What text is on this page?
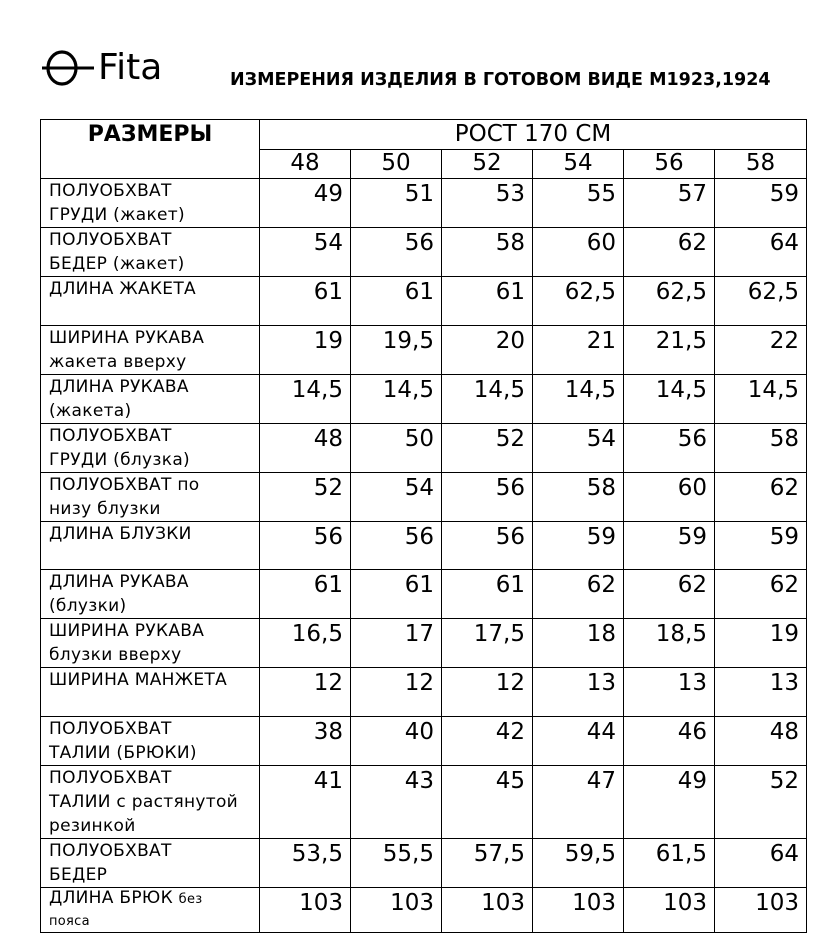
Fita	ИЗМЕРЕНИЯ ИЗДЕЛИЯ В ГОТОВОМ ВИДЕ М1923,1924
РАЗМЕРЫ	РОСТ 170 СМ					
	48	50	52	54	56	58

ПОЛУОБХВАТ
ГРУДИ (жакет)	49	51	53	55	57	59

ПОЛУОБХВАТ
БЕДЕР (жакет)	54	56	58	60	62	64

ДЛИНА ЖАКЕТА	61	61	61	62,5	62,5	62,5

ШИРИНА РУКАВА
жакета вверху	19	19,5	20	21	21,5	22

ДЛИНА РУКАВА
(жакета)	14,5	14,5	14,5	14,5	14,5	14,5

ПОЛУОБХВАТ
ГРУДИ (блузка)	48	50	52	54	56	58

ПОЛУОБХВАТ по
низу блузки	52	54	56	58	60	62

ДЛИНА БЛУЗКИ	56	56	56	59	59	59

ДЛИНА РУКАВА
(блузки)	61	61	61	62	62	62

ШИРИНА РУКАВА
блузки вверху	16,5	17	17,5	18	18,5	19

ШИРИНА МАНЖЕТА	12	12	12	13	13	13

ПОЛУОБХВАТ
ТАЛИИ (БРЮКИ)	38	40	42	44	46	48

ПОЛУОБХВАТ
ТАЛИИ с растянутой
резинкой	41	43	45	47	49	52

ПОЛУОБХВАТ
БЕДЕР	53,5	55,5	57,5	59,5	61,5	64

ДЛИНА БРЮК без
пояса	103	103	103	103	103	103
